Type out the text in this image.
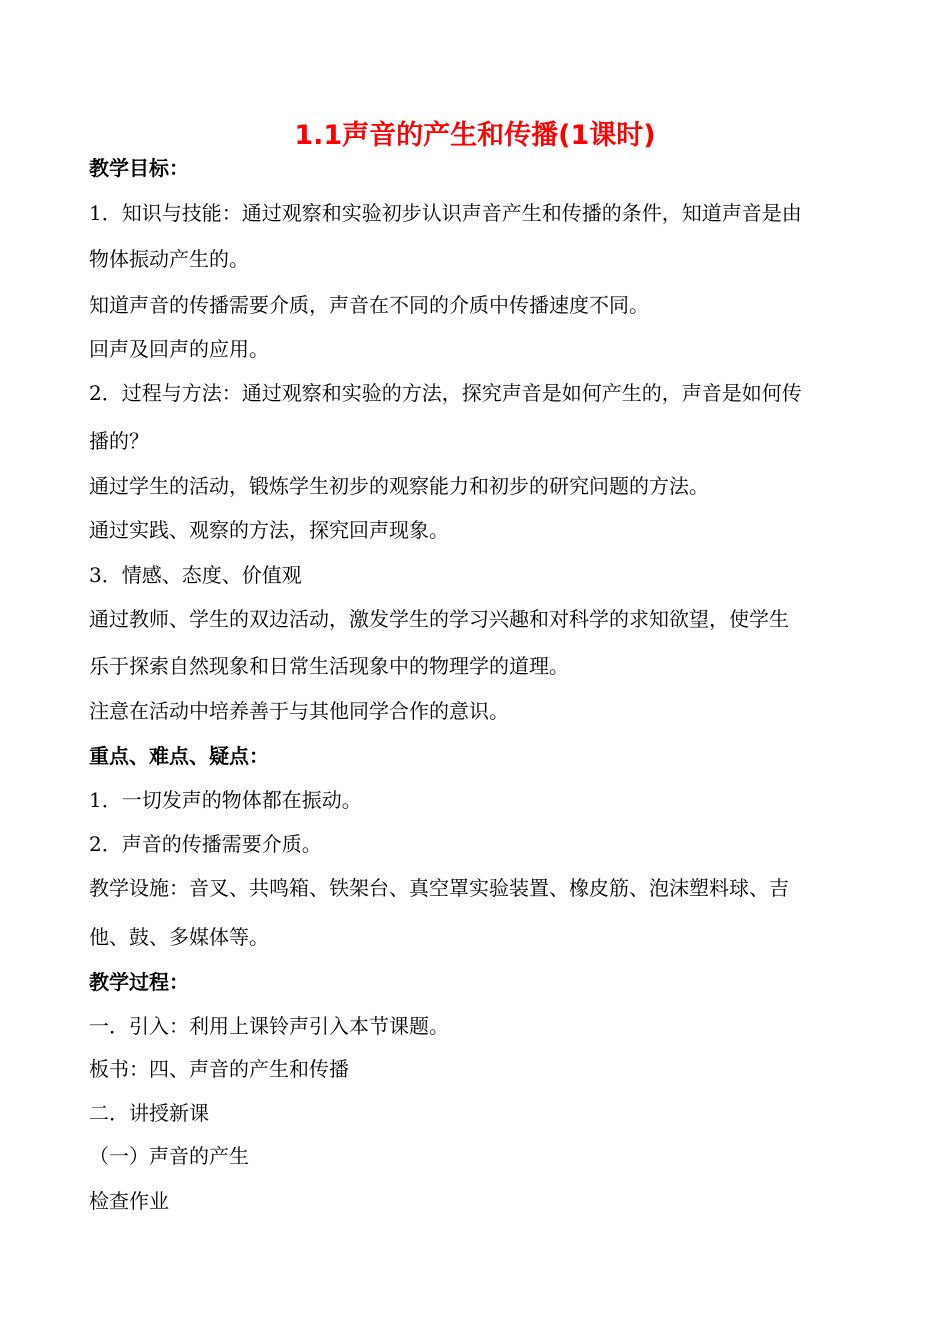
1.1声音的产生和传播(1课时)
教学目标：
1．知识与技能：通过观察和实验初步认识声音产生和传播的条件，知道声音是由
物体振动产生的。
知道声音的传播需要介质，声音在不同的介质中传播速度不同。
回声及回声的应用。
2．过程与方法：通过观察和实验的方法，探究声音是如何产生的，声音是如何传
播的？
通过学生的活动，锻炼学生初步的观察能力和初步的研究问题的方法。
通过实践、观察的方法，探究回声现象。
3．情感、态度、价值观
通过教师、学生的双边活动，激发学生的学习兴趣和对科学的求知欲望，使学生
乐于探索自然现象和日常生活现象中的物理学的道理。
注意在活动中培养善于与其他同学合作的意识。
重点、难点、疑点：
1．一切发声的物体都在振动。
2．声音的传播需要介质。
教学设施：音叉、共鸣箱、铁架台、真空罩实验装置、橡皮筋、泡沫塑料球、吉
他、鼓、多媒体等。
教学过程：
一．引入：利用上课铃声引入本节课题。
板书：四、声音的产生和传播
二．讲授新课
（一）声音的产生
检查作业
